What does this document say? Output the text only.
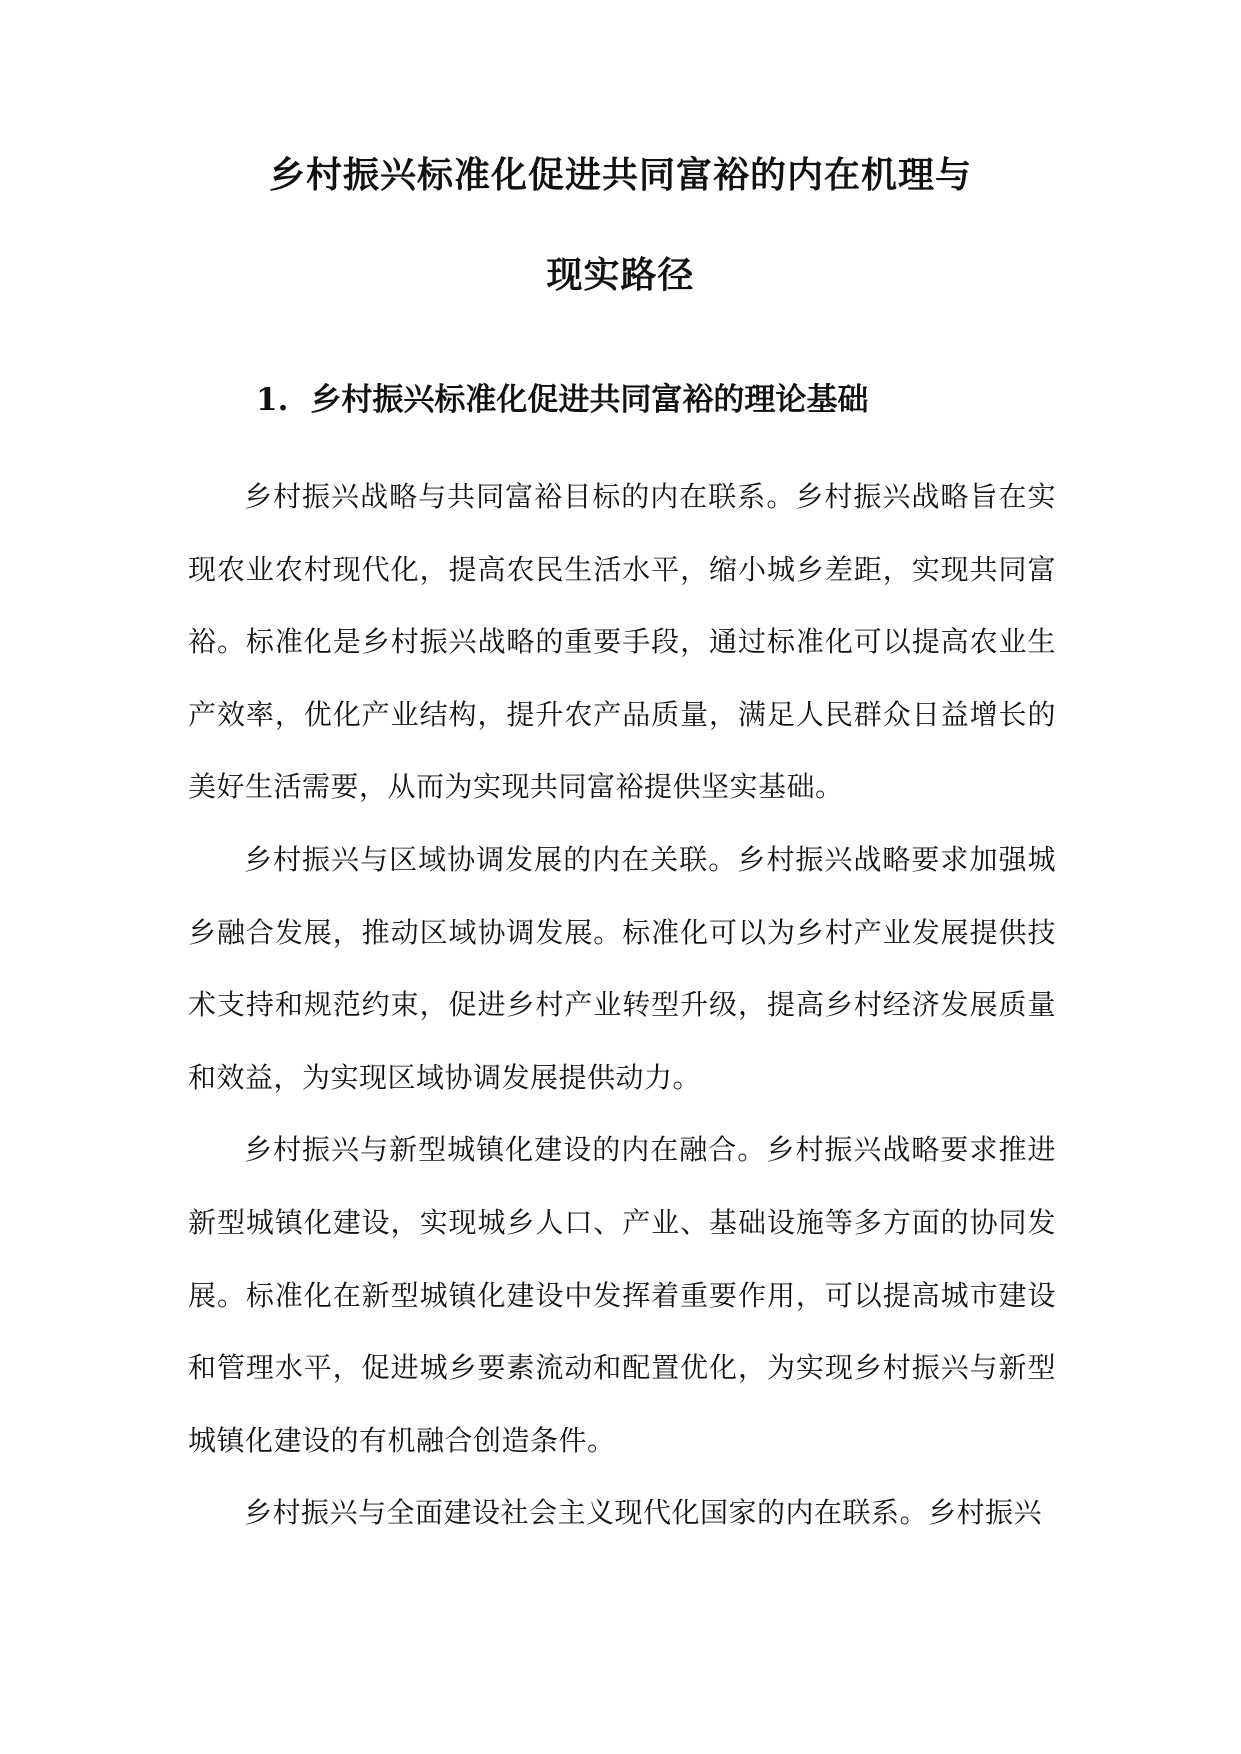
乡村振兴标准化促进共同富裕的内在机理与
现实路径
1. 乡村振兴标准化促进共同富裕的理论基础

乡村振兴战略与共同富裕目标的内在联系。乡村振兴战略旨在实现农业农村现代化，提高农民生活水平，缩小城乡差距，实现共同富裕。标准化是乡村振兴战略的重要手段，通过标准化可以提高农业生产效率，优化产业结构，提升农产品质量，满足人民群众日益增长的美好生活需要，从而为实现共同富裕提供坚实基础。

乡村振兴与区域协调发展的内在关联。乡村振兴战略要求加强城乡融合发展，推动区域协调发展。标准化可以为乡村产业发展提供技术支持和规范约束，促进乡村产业转型升级，提高乡村经济发展质量和效益，为实现区域协调发展提供动力。

乡村振兴与新型城镇化建设的内在融合。乡村振兴战略要求推进新型城镇化建设，实现城乡人口、产业、基础设施等多方面的协同发展。标准化在新型城镇化建设中发挥着重要作用，可以提高城市建设和管理水平，促进城乡要素流动和配置优化，为实现乡村振兴与新型城镇化建设的有机融合创造条件。

乡村振兴与全面建设社会主义现代化国家的内在联系。乡村振兴
